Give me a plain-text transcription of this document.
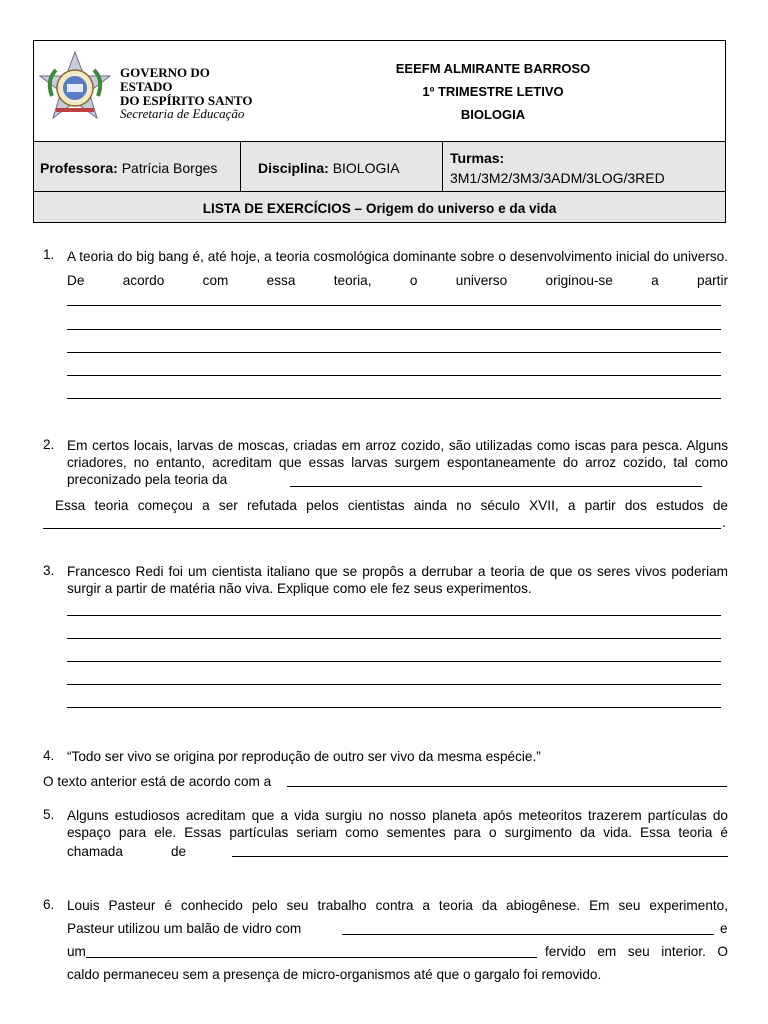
GOVERNO DO
ESTADO
DO ESPÍRITO SANTO
Secretaria de Educação
EEEFM ALMIRANTE BARROSO
1º TRIMESTRE LETIVO
BIOLOGIA
Professora: Patrícia Borges	Disciplina: BIOLOGIA
Turmas:
3M1/3M2/3M3/3ADM/3LOG/3RED
LISTA DE EXERCÍCIOS – Origem do universo e da vida
1. A teoria do big bang é, até hoje, a teoria cosmológica dominante sobre o desenvolvimento inicial do universo. De acordo com essa teoria, o universo originou-se a partir
2. Em certos locais, larvas de moscas, criadas em arroz cozido, são utilizadas como iscas para pesca. Alguns criadores, no entanto, acreditam que essas larvas surgem espontaneamente do arroz cozido, tal como preconizado pela teoria da
Essa teoria começou a ser refutada pelos cientistas ainda no século XVII, a partir dos estudos de
.
3. Francesco Redi foi um cientista italiano que se propôs a derrubar a teoria de que os seres vivos poderiam surgir a partir de matéria não viva. Explique como ele fez seus experimentos.
4. “Todo ser vivo se origina por reprodução de outro ser vivo da mesma espécie.”
O texto anterior está de acordo com a
5. Alguns estudiosos acreditam que a vida surgiu no nosso planeta após meteoritos trazerem partículas do espaço para ele. Essas partículas seriam como sementes para o surgimento da vida. Essa teoria é
chamada	de
6. Louis Pasteur é conhecido pelo seu trabalho contra a teoria da abiogênese. Em seu experimento,
Pasteur utilizou um balão de vidro com	e
um	fervido em seu interior. O
caldo permaneceu sem a presença de micro-organismos até que o gargalo foi removido.
